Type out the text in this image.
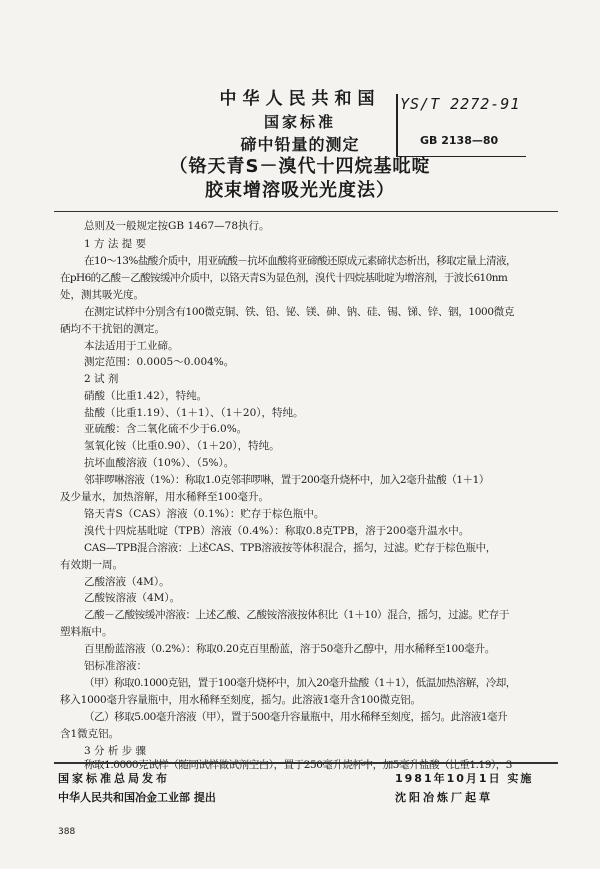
中华人民共和国
国家标准
碲中铅量的测定
（铬天青S－溴代十四烷基吡啶
胶束增溶吸光光度法）
YS/T 2272-91
GB 2138—80
总则及一般规定按GB 1467—78执行。
1 方 法 提 要
在10～13%盐酸介质中，用亚硫酸－抗坏血酸将亚碲酸还原成元素碲状态析出，移取定量上清液，
在pH6的乙酸－乙酸铵缓冲介质中，以铬天青S为显色剂，溴代十四烷基吡啶为增溶剂，于波长610nm
处，测其吸光度。
在测定试样中分别含有100微克铜、铁、铅、铋、镁、砷、钠、硅、锡、锑、锌、铟，1000微克
硒均不干扰铝的测定。
本法适用于工业碲。
测定范围：0.0005～0.004%。
2 试 剂
硝酸（比重1.42），特纯。
盐酸（比重1.19）、（1＋1）、（1＋20），特纯。
亚硫酸：含二氧化硫不少于6.0%。
氢氧化铵（比重0.90）、（1＋20），特纯。
抗坏血酸溶液（10%）、（5%）。
邻菲啰啉溶液（1%）：称取1.0克邻菲啰啉，置于200毫升烧杯中，加入2毫升盐酸（1＋1）
及少量水，加热溶解，用水稀释至100毫升。
铬天青S（CAS）溶液（0.1%）：贮存于棕色瓶中。
溴代十四烷基吡啶（TPB）溶液（0.4%）：称取0.8克TPB，溶于200毫升温水中。
CAS—TPB混合溶液：上述CAS、TPB溶液按等体积混合，摇匀，过滤。贮存于棕色瓶中，
有效期一周。
乙酸溶液（4M）。
乙酸铵溶液（4M）。
乙酸－乙酸铵缓冲溶液：上述乙酸、乙酸铵溶液按体积比（1＋10）混合，摇匀，过滤。贮存于
塑料瓶中。
百里酚蓝溶液（0.2%）：称取0.20克百里酚蓝，溶于50毫升乙醇中，用水稀释至100毫升。
铝标准溶液：
（甲）称取0.1000克铝，置于100毫升烧杯中，加入20毫升盐酸（1＋1），低温加热溶解，冷却，
移入1000毫升容量瓶中，用水稀释至刻度，摇匀。此溶液1毫升含100微克铝。
（乙）移取5.00毫升溶液（甲），置于500毫升容量瓶中，用水稀释至刻度，摇匀。此溶液1毫升
含1微克铝。
3 分 析 步 骤
称取1.0000克试样（随同试样做试剂空白），置于250毫升烧杯中，加5毫升盐酸（比重1.19），3
国家标准总局发布	1981年10月1日 实施
中华人民共和国冶金工业部 提出	沈阳冶炼厂起草
388
